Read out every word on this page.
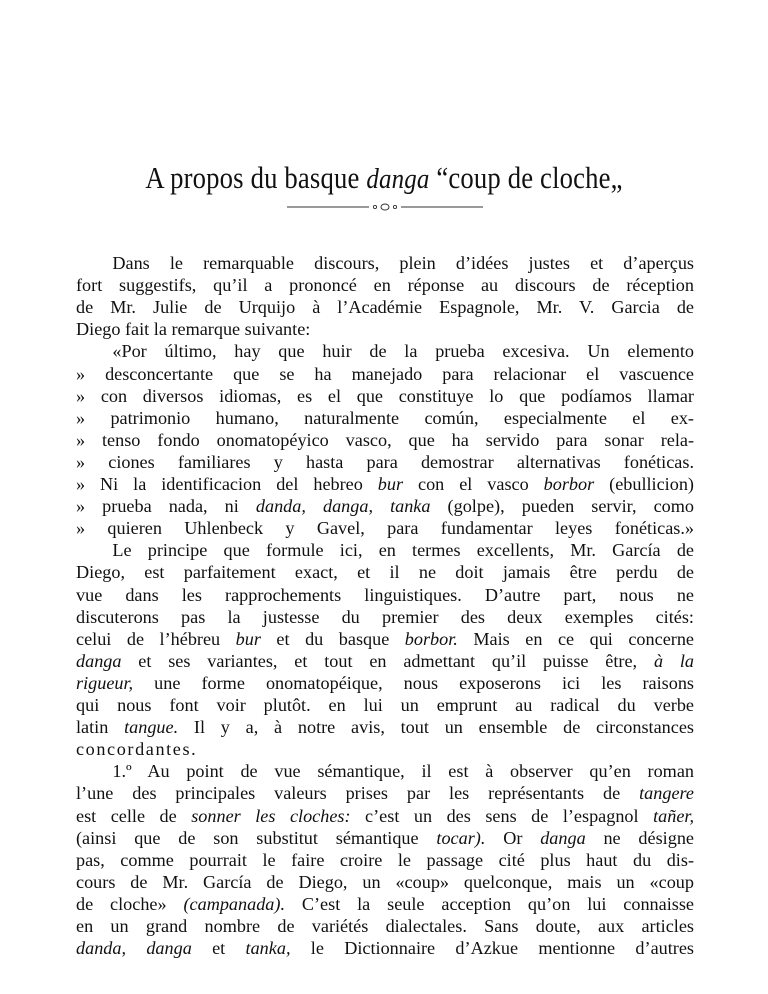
A propos du basque danga “coup de cloche„
  Dans le remarquable discours, plein d’idées justes et d’aperçus
fort suggestifs, qu’il a prononcé en réponse au discours de réception
de Mr. Julie de Urquijo à l’Académie Espagnole, Mr. V. Garcia de
Diego fait la remarque suivante:
  «Por último, hay que huir de la prueba excesiva. Un elemento
» desconcertante que se ha manejado para relacionar el vascuence
» con diversos idiomas, es el que constituye lo que podíamos llamar
» patrimonio humano, naturalmente común, especialmente el ex-
» tenso fondo onomatopéyico vasco, que ha servido para sonar rela-
» ciones familiares y hasta para demostrar alternativas fonéticas.
» Ni la identificacion del hebreo bur con el vasco borbor (ebullicion)
» prueba nada, ni danda, danga, tanka (golpe), pueden servir, como
» quieren Uhlenbeck y Gavel, para fundamentar leyes fonéticas.»
  Le principe que formule ici, en termes excellents, Mr. García de
Diego, est parfaitement exact, et il ne doit jamais être perdu de
vue dans les rapprochements linguistiques. D’autre part, nous ne
discuterons pas la justesse du premier des deux exemples cités:
celui de l’hébreu bur et du basque borbor. Mais en ce qui concerne
danga et ses variantes, et tout en admettant qu’il puisse être, à la
rigueur, une forme onomatopéique, nous exposerons ici les raisons
qui nous font voir plutôt. en lui un emprunt au radical du verbe
latin tangue. Il y a, à notre avis, tout un ensemble de circonstances
concordantes.
  1.º Au point de vue sémantique, il est à observer qu’en roman
l’une des principales valeurs prises par les représentants de tangere
est celle de sonner les cloches: c’est un des sens de l’espagnol tañer,
(ainsi que de son substitut sémantique tocar). Or danga ne désigne
pas, comme pourrait le faire croire le passage cité plus haut du dis-
cours de Mr. García de Diego, un «coup» quelconque, mais un «coup
de cloche» (campanada). C’est la seule acception qu’on lui connaisse
en un grand nombre de variétés dialectales. Sans doute, aux articles
danda, danga et tanka, le Dictionnaire d’Azkue mentionne d’autres
